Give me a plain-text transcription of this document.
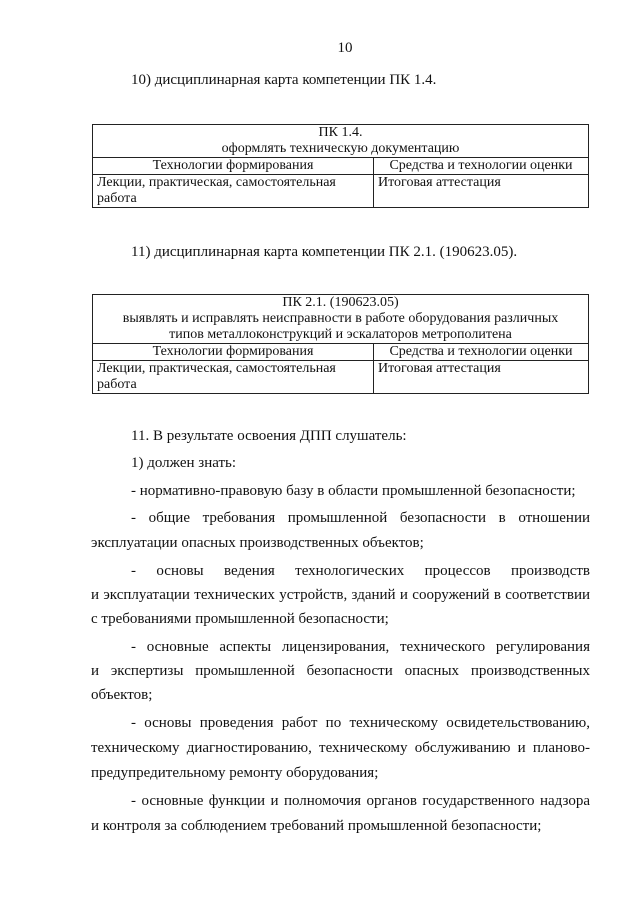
10
10) дисциплинарная карта компетенции ПК 1.4.
ПК 1.4.
оформлять техническую документацию	

Технологии формирования	Средства и технологии оценки

Лекции, практическая, самостоятельная
работа	Итоговая аттестация
11) дисциплинарная карта компетенции ПК 2.1. (190623.05).
ПК 2.1. (190623.05)
выявлять и исправлять неисправности в работе оборудования различных
типов металлоконструкций и эскалаторов метрополитена	

Технологии формирования	Средства и технологии оценки

Лекции, практическая, самостоятельная
работа	Итоговая аттестация
11. В результате освоения ДПП слушатель:
1) должен знать:
- нормативно-правовую базу в области промышленной безопасности;
- общие требования промышленной безопасности в отношении
эксплуатации опасных производственных объектов;
- основы ведения технологических процессов производств
и эксплуатации технических устройств, зданий и сооружений в соответствии
с требованиями промышленной безопасности;
- основные аспекты лицензирования, технического регулирования
и экспертизы промышленной безопасности опасных производственных
объектов;
- основы проведения работ по техническому освидетельствованию,
техническому диагностированию, техническому обслуживанию и планово-
предупредительному ремонту оборудования;
- основные функции и полномочия органов государственного надзора
и контроля за соблюдением требований промышленной безопасности;
